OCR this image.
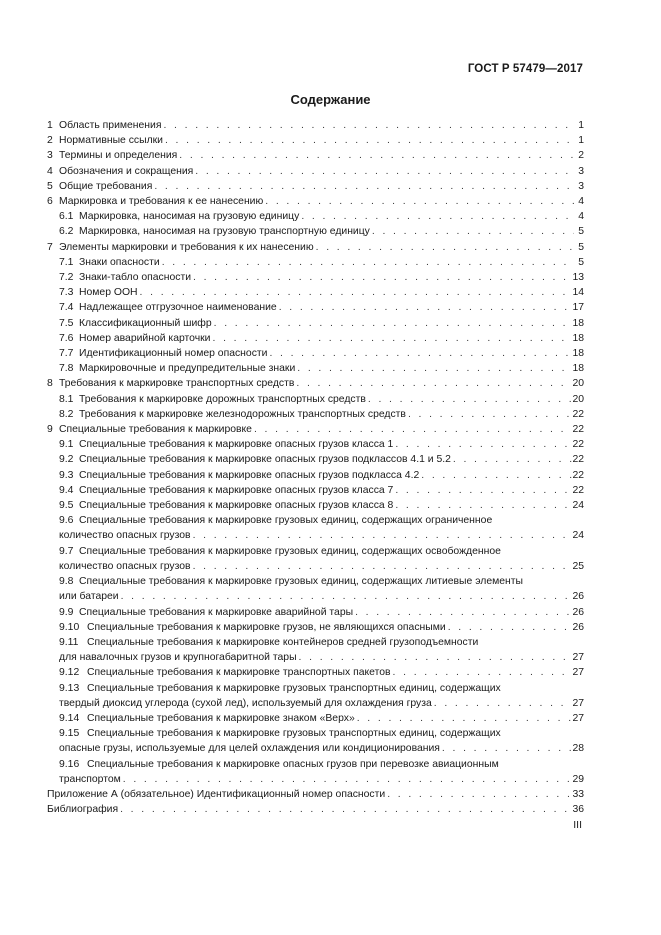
ГОСТ Р 57479—2017
Содержание
1 Область применения . . .	1
2 Нормативные ссылки . . .	1
3 Термины и определения . . .	2
4 Обозначения и сокращения . . .	3
5 Общие требования . . .	3
6 Маркировка и требования к ее нанесению . . .	4
6.1 Маркировка, наносимая на грузовую единицу . . .	4
6.2 Маркировка, наносимая на грузовую транспортную единицу . . .	5
7 Элементы маркировки и требования к их нанесению . . .	5
7.1 Знаки опасности . . .	5
7.2 Знаки-табло опасности . . .	13
7.3 Номер ООН . . .	14
7.4 Надлежащее отгрузочное наименование . . .	17
7.5 Классификационный шифр . . .	18
7.6 Номер аварийной карточки . . .	18
7.7 Идентификационный номер опасности . . .	18
7.8 Маркировочные и предупредительные знаки . . .	18
8 Требования к маркировке транспортных средств . . .	20
8.1 Требования к маркировке дорожных транспортных средств . . .	20
8.2 Требования к маркировке железнодорожных транспортных средств . . .	22
9 Специальные требования к маркировке . . .	22
9.1 Специальные требования к маркировке опасных грузов класса 1 . . .	22
9.2 Специальные требования к маркировке опасных грузов подклассов 4.1 и 5.2 . . .	22
9.3 Специальные требования к маркировке опасных грузов подкласса 4.2 . . .	22
9.4 Специальные требования к маркировке опасных грузов класса 7 . . .	22
9.5 Специальные требования к маркировке опасных грузов класса 8 . . .	24
9.6 Специальные требования к маркировке грузовых единиц, содержащих ограниченное
количество опасных грузов . . .	24
9.7 Специальные требования к маркировке грузовых единиц, содержащих освобожденное
количество опасных грузов . . .	25
9.8 Специальные требования к маркировке грузовых единиц, содержащих литиевые элементы
или батареи . . .	26
9.9 Специальные требования к маркировке аварийной тары . . .	26
9.10 Специальные требования к маркировке грузов, не являющихся опасными . . .	26
9.11 Специальные требования к маркировке контейнеров средней грузоподъемности
для навалочных грузов и крупногабаритной тары . . .	27
9.12 Специальные требования к маркировке транспортных пакетов . . .	27
9.13 Специальные требования к маркировке грузовых транспортных единиц, содержащих
твердый диоксид углерода (сухой лед), используемый для охлаждения груза . . .	27
9.14 Специальные требования к маркировке знаком «Верх» . . .	27
9.15 Специальные требования к маркировке грузовых транспортных единиц, содержащих
опасные грузы, используемые для целей охлаждения или кондиционирования . . .	28
9.16 Специальные требования к маркировке опасных грузов при перевозке авиационным
транспортом . . .	29
Приложение А (обязательное) Идентификационный номер опасности . . .	33
Библиография . . .	36
III
